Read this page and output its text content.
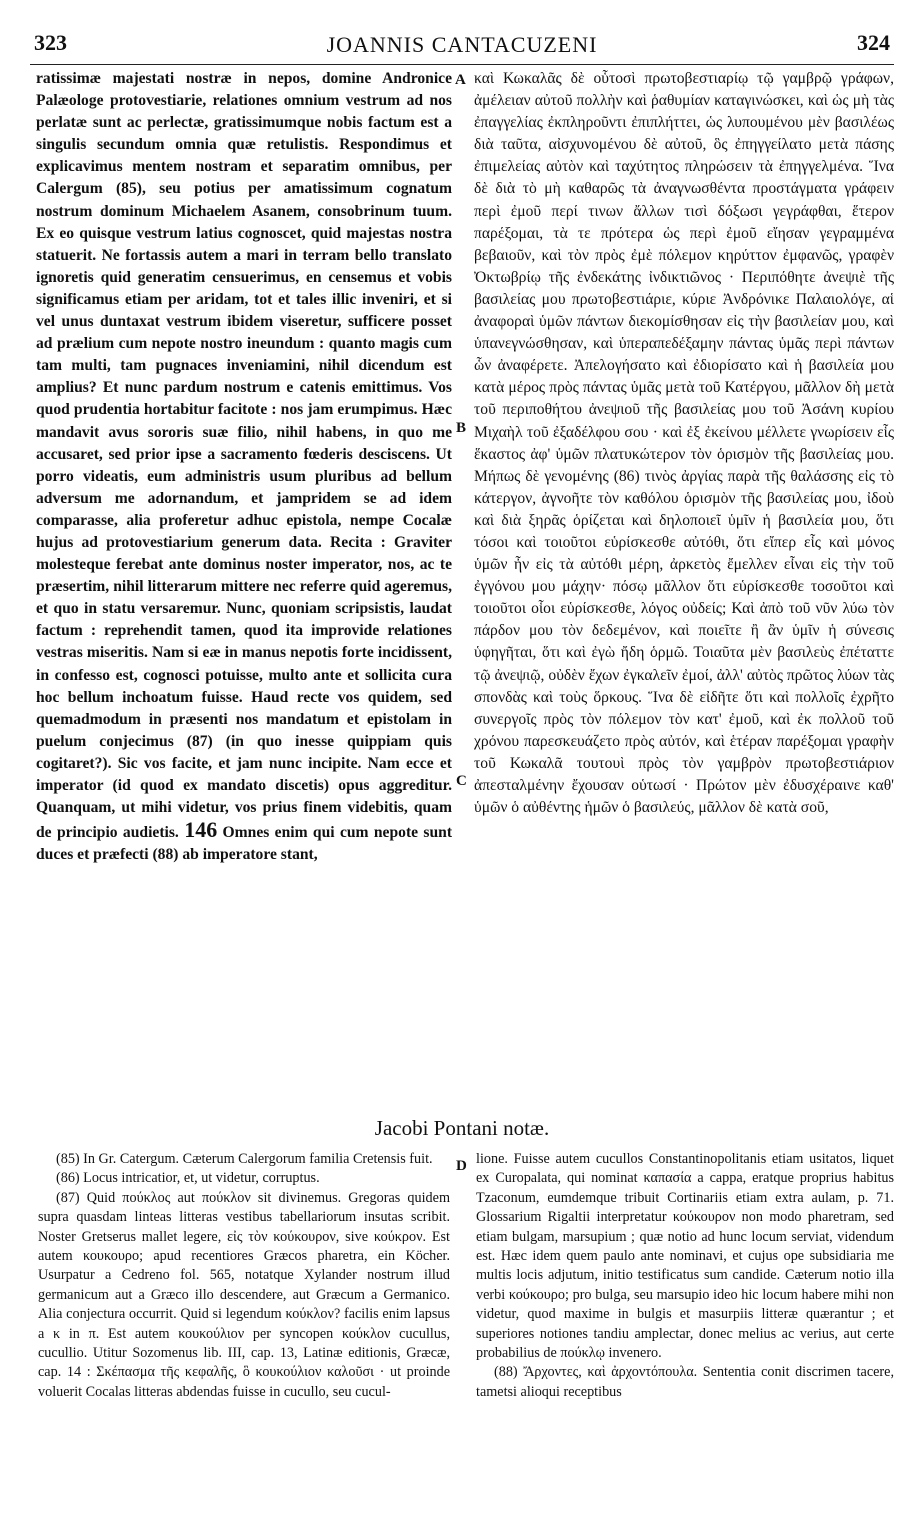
323	JOANNIS CANTACUZENI	324
ratissimæ majestati nostræ in nepos, domine Andronice Palæologe protovestiarie, relationes omnium vestrum ad nos perlatæ sunt ac perlectæ, gratissimumque nobis factum est a singulis secundum omnia quæ retulistis. Respondimus et explicavimus mentem nostram et separatim omnibus, per Calergum (85), seu potius per amatissimum cognatum nostrum dominum Michaelem Asanem, consobrinum tuum. Ex eo quisque vestrum latius cognoscet, quid majestas nostra statuerit. Ne fortassis autem a mari in terram bello translato ignoretis quid generatim censuerimus, en censemus et vobis significamus etiam per aridam, tot et tales illic inveniri, et si vel unus duntaxat vestrum ibidem viseretur, sufficere posset ad prælium cum nepote nostro ineundum : quanto magis cum tam multi, tam pugnaces inveniamini, nihil dicendum est amplius? Et nunc pardum nostrum e catenis emittimus. Vos quod prudentia hortabitur facitote : nos jam erumpimus. Hæc mandavit avus sororis suæ filio, nihil habens, in quo me accusaret, sed prior ipse a sacramento fœderis desciscens. Ut porro videatis, eum administris usum pluribus ad bellum adversum me adornandum, et jampridem se ad idem comparasse, alia proferetur adhuc epistola, nempe Cocalæ hujus ad protovestiarium generum data. Recita : Graviter molesteque ferebat ante dominus noster imperator, nos, ac te præsertim, nihil litterarum mittere nec referre quid ageremus, et quo in statu versaremur. Nunc, quoniam scripsistis, laudat factum : reprehendit tamen, quod ita improvide relationes vestras miseritis. Nam si eæ in manus nepotis forte incidissent, in confesso est, cognosci potuisse, multo ante et sollicita cura hoc bellum inchoatum fuisse. Haud recte vos quidem, sed quemadmodum in præsenti nos mandatum et epistolam in puelum conjecimus (87) (in quo inesse quippiam quis cogitaret?). Sic vos facite, et jam nunc incipite. Nam ecce et imperator (id quod ex mandato discetis) opus aggreditur. Quanquam, ut mihi videtur, vos prius finem videbitis, quam de principio audietis. 146 Omnes enim qui cum nepote sunt duces et præfecti (88) ab imperatore stant,
A
B
C
D
καὶ Κωκαλᾶς δὲ οὗτοσὶ πρωτοβεστιαρίῳ τῷ γαμβρῷ γράφων, ἀμέλειαν αὐτοῦ πολλὴν καὶ ῥαθυμίαν καταγινώσκει, καὶ ὡς μὴ τὰς ἐπαγγελίας ἐκπληροῦντι ἐπιπλήττει, ὡς λυπουμένου μὲν βασιλέως διὰ ταῦτα, αἰσχυνομένου δὲ αὐτοῦ, ὃς ἐπηγγείλατο μετὰ πάσης ἐπιμελείας αὐτὸν καὶ ταχύτητος πληρώσειν τὰ ἐπηγγελμένα. Ἵνα δὲ διὰ τὸ μὴ καθαρῶς τὰ ἀναγνωσθέντα προστάγματα γράφειν περὶ ἐμοῦ περί τινων ἄλλων τισὶ δόξωσι γεγράφθαι, ἕτερον παρέξομαι, τὰ τε πρότερα ὡς περὶ ἐμοῦ εἴησαν γεγραμμένα βεβαιοῦν, καὶ τὸν πρὸς ἐμὲ πόλεμον κηρύττον ἐμφανῶς, γραφὲν Ὀκτωβρίῳ τῆς ἐνδεκάτης ἰνδικτιῶνος · Περιπόθητε ἀνεψιὲ τῆς βασιλείας μου πρωτοβεστιάριε, κύριε Ἀνδρόνικε Παλαιολόγε, αἱ ἀναφοραὶ ὑμῶν πάντων διεκομίσθησαν εἰς τὴν βασιλείαν μου, καὶ ὑπανεγνώσθησαν, καὶ ὑπεραπεδέξαμην πάντας ὑμᾶς περὶ πάντων ὧν ἀναφέρετε. Ἀπελογήσατο καὶ ἐδιορίσατο καὶ ἡ βασιλεία μου κατὰ μέρος πρὸς πάντας ὑμᾶς μετὰ τοῦ Κατέργου, μᾶλλον δὴ μετὰ τοῦ περιποθήτου ἀνεψιοῦ τῆς βασιλείας μου τοῦ Ἀσάνη κυρίου Μιχαὴλ τοῦ ἐξαδέλφου σου · καὶ ἐξ ἐκείνου μέλλετε γνωρίσειν εἷς ἕκαστος ἀφ' ὑμῶν πλατυκώτερον τὸν ὁρισμὸν τῆς βασιλείας μου. Μήπως δὲ γενομένης (86) τινὸς ἀργίας παρὰ τῆς θαλάσσης εἰς τὸ κάτεργον, ἀγνοῆτε τὸν καθόλου ὁρισμὸν τῆς βασιλείας μου, ἰδοὺ καὶ διὰ ξηρᾶς ὁρίζεται καὶ δηλοποιεῖ ὑμῖν ἡ βασιλεία μου, ὅτι τόσοι καὶ τοιοῦτοι εὑρίσκεσθε αὐτόθι, ὅτι εἴπερ εἷς καὶ μόνος ὑμῶν ἦν εἰς τὰ αὐτόθι μέρη, ἀρκετὸς ἔμελλεν εἶναι εἰς τὴν τοῦ ἐγγόνου μου μάχην· πόσῳ μᾶλλον ὅτι εὑρίσκεσθε τοσοῦτοι καὶ τοιοῦτοι οἷοι εὑρίσκεσθε, λόγος οὐδείς; Καὶ ἀπὸ τοῦ νῦν λύω τὸν πάρδον μου τὸν δεδεμένον, καὶ ποιεῖτε ἢ ἂν ὑμῖν ἡ σύνεσις ὑφηγῆται, ὅτι καὶ ἐγὼ ἤδη ὁρμῶ. Τοιαῦτα μὲν βασιλεὺς ἐπέταττε τῷ ἀνεψιῷ, οὐδὲν ἔχων ἐγκαλεῖν ἐμοί, ἀλλ' αὐτὸς πρῶτος λύων τὰς σπονδὰς καὶ τοὺς ὅρκους. Ἵνα δὲ εἰδῆτε ὅτι καὶ πολλοῖς ἐχρῆτο συνεργοῖς πρὸς τὸν πόλεμον τὸν κατ' ἐμοῦ, καὶ ἐκ πολλοῦ τοῦ χρόνου παρεσκευάζετο πρὸς αὐτόν, καὶ ἑτέραν παρέξομαι γραφὴν τοῦ Κωκαλᾶ τουτουὶ πρὸς τὸν γαμβρὸν πρωτοβεστιάριον ἀπεσταλμένην ἔχουσαν οὑτωσί · Πρώτον μὲν ἐδυσχέραινε καθ' ὑμῶν ὁ αὐθέντης ἡμῶν ὁ βασιλεύς, μᾶλλον δὲ κατὰ σοῦ,
Jacobi Pontani notæ.

(85) In Gr. Catergum. Cæterum Calergorum familia Cretensis fuit.

(86) Locus intricatior, et, ut videtur, corruptus.

(87) Quid πούκλος aut πούκλον sit divinemus. Gregoras quidem supra quasdam linteas litteras vestibus tabellariorum insutas scribit. Noster Gretserus mallet legere, εἰς τὸν κούκουρον, sive κούκρον. Est autem κουκουρο; apud recentiores Græcos pharetra, ein Köcher. Usurpatur a Cedreno fol. 565, notatque Xylander nostrum illud germanicum aut a Græco illo descendere, aut Græcum a Germanico. Alia conjectura occurrit. Quid si legendum κούκλον? facilis enim lapsus a κ in π. Est autem κουκούλιον per syncopen κούκλον cucullus, cucullio. Utitur Sozomenus lib. III, cap. 13, Latinæ editionis, Græcæ, cap. 14 : Σκέπασμα τῆς κεφαλῆς, ὃ κουκούλιον καλοῦσι · ut proinde voluerit Cocalas litteras abdendas fuisse in cucullo, seu cucul-

lione. Fuisse autem cucullos Constantinopolitanis etiam usitatos, liquet ex Curopalata, qui nominat καπασία a cappa, eratque proprius habitus Tzaconum, eumdemque tribuit Cortinariis etiam extra aulam, p. 71. Glossarium Rigaltii interpretatur κούκουρον non modo pharetram, sed etiam bulgam, marsupium ; quæ notio ad hunc locum serviat, videndum est. Hæc idem quem paulo ante nominavi, et cujus ope subsidiaria me multis locis adjutum, initio testificatus sum candide. Cæterum notio illa verbi κούκουρο; pro bulga, seu marsupio ideo hic locum habere mihi non videtur, quod maxime in bulgis et masurpiis litteræ quærantur ; et superiores notiones tandiu amplectar, donec melius ac verius, aut certe probabilius de πούκλῳ invenero.

(88) Ἄρχοντες, καὶ ἀρχοντόπουλα. Sententia conit discrimen tacere, tametsi alioqui receptibus
